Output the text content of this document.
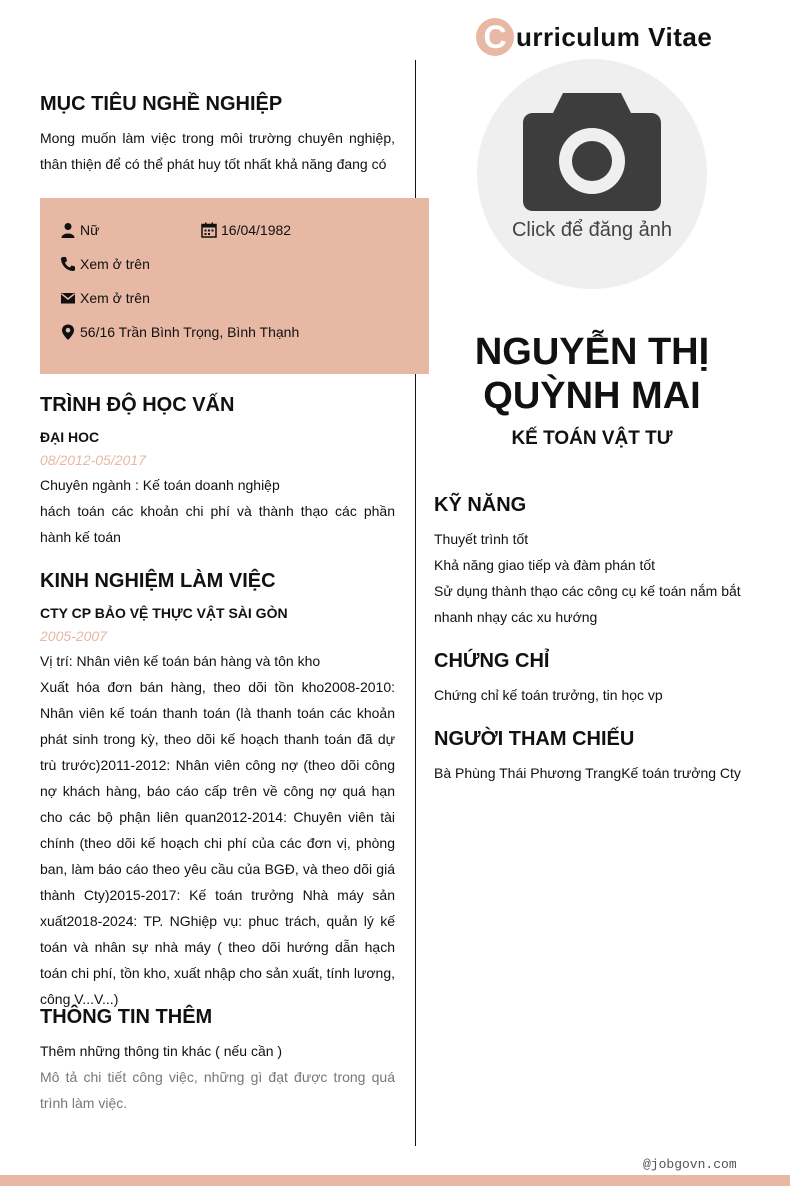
C urriculum Vitae
MỤC TIÊU NGHỀ NGHIỆP

Mong muốn làm việc trong môi trường chuyên nghiệp, thân thiện để có thể phát huy tốt nhất khả năng đang có

Nữ	16/04/1982
Xem ở trên
Xem ở trên
56/16 Trần Bình Trọng, Bình Thạnh
TRÌNH ĐỘ HỌC VẤN

ĐẠI HOC

08/2012-05/2017

Chuyên ngành : Kế toán doanh nghiệp

hách toán các khoản chi phí và thành thạo các phần hành kế toán

KINH NGHIỆM LÀM VIỆC

CTY CP BẢO VỆ THỰC VẬT SÀI GÒN

2005-2007

Vị trí: Nhân viên kế toán bán hàng và tôn kho

Xuất hóa đơn bán hàng, theo dõi tồn kho2008-2010: Nhân viên kế toán thanh toán (là thanh toán các khoản phát sinh trong kỳ, theo dõi kế hoạch thanh toán đã dự trù trước)2011-2012: Nhân viên công nợ (theo dõi công nợ khách hàng, báo cáo cấp trên về công nợ quá hạn cho các bộ phận liên quan2012-2014: Chuyên viên tài chính (theo dõi kế hoạch chi phí của các đơn vị, phòng ban, làm báo cáo theo yêu cầu của BGĐ, và theo dõi giá thành Cty)2015-2017: Kế toán trưởng Nhà máy sản xuất2018-2024: TP. NGhiệp vụ: phuc trách, quản lý kế toán và nhân sự nhà máy ( theo dõi hướng dẫn hạch toán chi phí, tồn kho, xuất nhập cho sản xuất, tính lương, công V...V...)

THÔNG TIN THÊM

Thêm những thông tin khác ( nếu cần )

Mô tả chi tiết công việc, những gì đạt được trong quá trình làm việc.

Click để đăng ảnh
NGUYỄN THỊ
QUỲNH MAI
KẾ TOÁN VẬT TƯ
KỸ NĂNG

Thuyết trình tốt

Khả năng giao tiếp và đàm phán tốt

Sử dụng thành thạo các công cụ kế toán nắm bắt nhanh nhạy các xu hướng

CHỨNG CHỈ

Chứng chỉ kế toán trưởng, tin học vp

NGƯỜI THAM CHIẾU

Bà Phùng Thái Phương TrangKế toán trưởng Cty

@jobgovn.com
